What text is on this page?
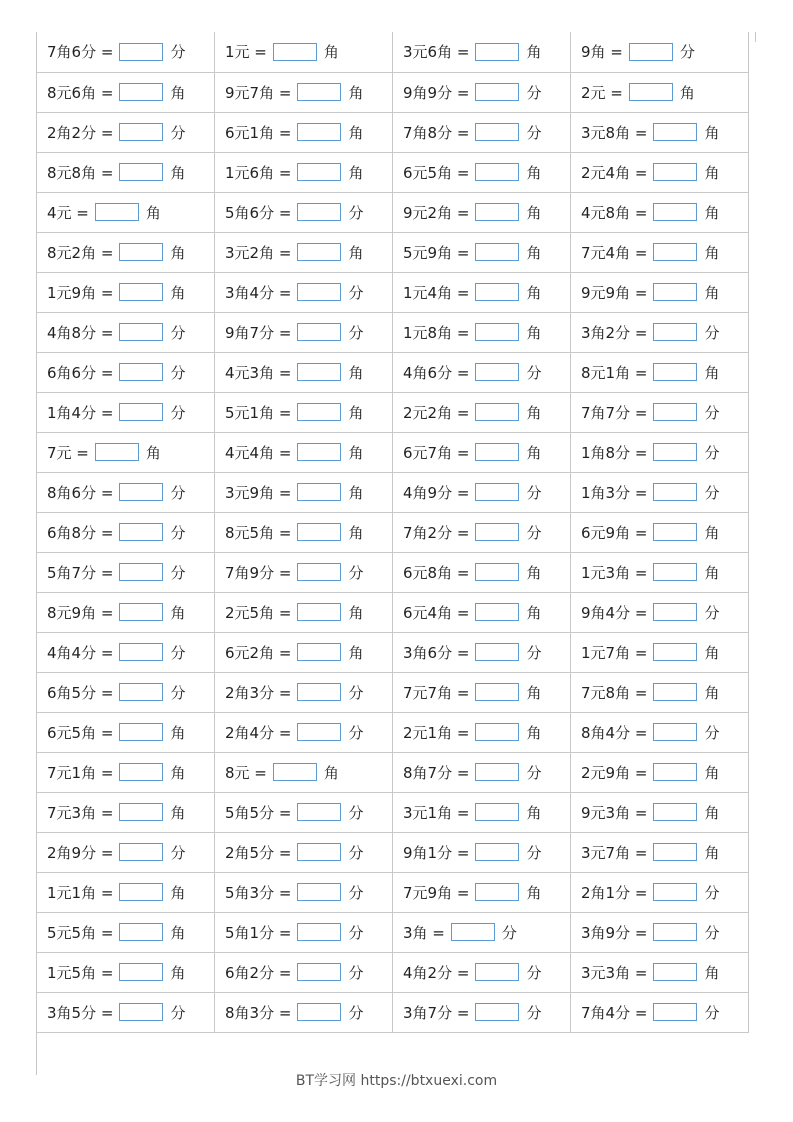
7角6分 = 分	1元 = 角	3元6角 = 角	9角 = 分
8元6角 = 角	9元7角 = 角	9角9分 = 分	2元 = 角
2角2分 = 分	6元1角 = 角	7角8分 = 分	3元8角 = 角
8元8角 = 角	1元6角 = 角	6元5角 = 角	2元4角 = 角
4元 = 角	5角6分 = 分	9元2角 = 角	4元8角 = 角
8元2角 = 角	3元2角 = 角	5元9角 = 角	7元4角 = 角
1元9角 = 角	3角4分 = 分	1元4角 = 角	9元9角 = 角
4角8分 = 分	9角7分 = 分	1元8角 = 角	3角2分 = 分
6角6分 = 分	4元3角 = 角	4角6分 = 分	8元1角 = 角
1角4分 = 分	5元1角 = 角	2元2角 = 角	7角7分 = 分
7元 = 角	4元4角 = 角	6元7角 = 角	1角8分 = 分
8角6分 = 分	3元9角 = 角	4角9分 = 分	1角3分 = 分
6角8分 = 分	8元5角 = 角	7角2分 = 分	6元9角 = 角
5角7分 = 分	7角9分 = 分	6元8角 = 角	1元3角 = 角
8元9角 = 角	2元5角 = 角	6元4角 = 角	9角4分 = 分
4角4分 = 分	6元2角 = 角	3角6分 = 分	1元7角 = 角
6角5分 = 分	2角3分 = 分	7元7角 = 角	7元8角 = 角
6元5角 = 角	2角4分 = 分	2元1角 = 角	8角4分 = 分
7元1角 = 角	8元 = 角	8角7分 = 分	2元9角 = 角
7元3角 = 角	5角5分 = 分	3元1角 = 角	9元3角 = 角
2角9分 = 分	2角5分 = 分	9角1分 = 分	3元7角 = 角
1元1角 = 角	5角3分 = 分	7元9角 = 角	2角1分 = 分
5元5角 = 角	5角1分 = 分	3角 = 分	3角9分 = 分
1元5角 = 角	6角2分 = 分	4角2分 = 分	3元3角 = 角
3角5分 = 分	8角3分 = 分	3角7分 = 分	7角4分 = 分
BT学习网 https://btxuexi.com
